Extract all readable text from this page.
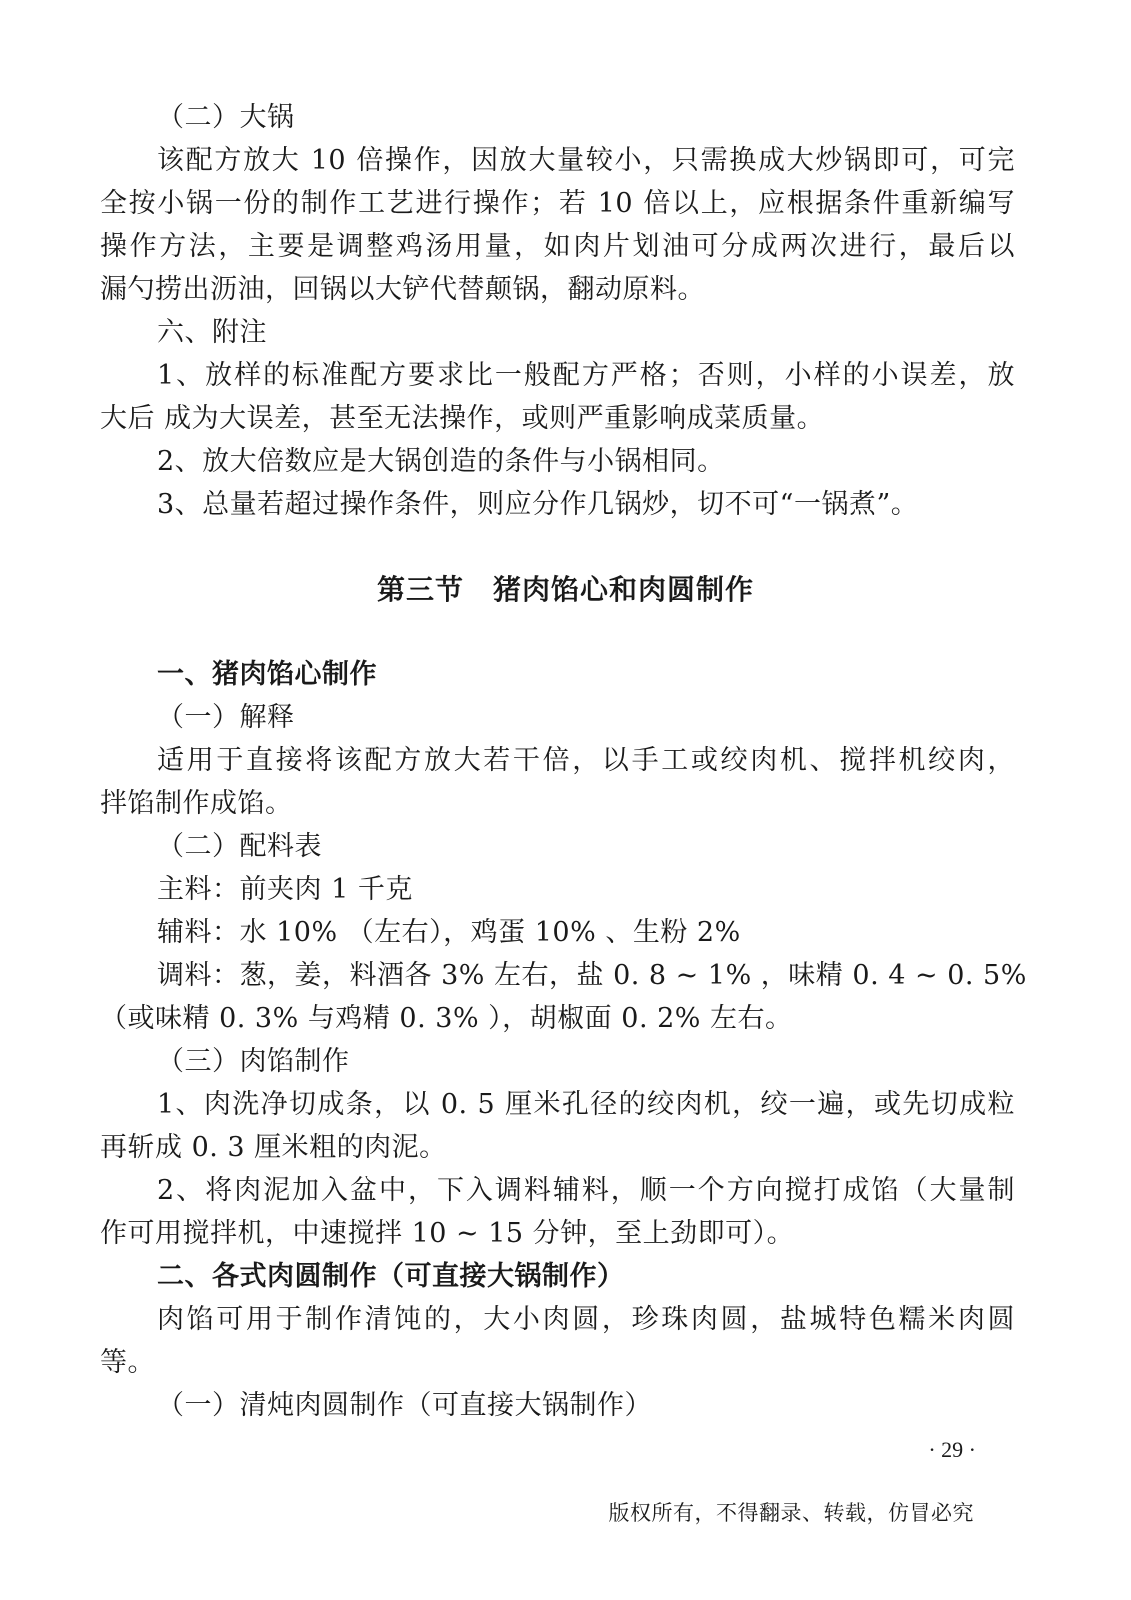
（二）大锅
该配方放大 10 倍操作，因放大量较小，只需换成大炒锅即可，可完
全按小锅一份的制作工艺进行操作；若 10 倍以上，应根据条件重新编写
操作方法，主要是调整鸡汤用量，如肉片划油可分成两次进行，最后以
漏勺捞出沥油，回锅以大铲代替颠锅，翻动原料。
六、附注
1、放样的标准配方要求比一般配方严格；否则，小样的小误差，放
大后 成为大误差，甚至无法操作，或则严重影响成菜质量。
2、放大倍数应是大锅创造的条件与小锅相同。
3、总量若超过操作条件，则应分作几锅炒，切不可“一锅煮”。
第三节　猪肉馅心和肉圆制作
一、猪肉馅心制作
（一）解释
适用于直接将该配方放大若干倍，以手工或绞肉机、搅拌机绞肉，
拌馅制作成馅。
（二）配料表
主料：前夹肉 1 千克
辅料：水 10% （左右），鸡蛋 10% 、生粉 2%
调料：葱，姜，料酒各 3% 左右，盐 0. 8 ~ 1% ，味精 0. 4 ~ 0. 5%
（或味精 0. 3% 与鸡精 0. 3% ），胡椒面 0. 2% 左右。
（三）肉馅制作
1、肉洗净切成条，以 0. 5 厘米孔径的绞肉机，绞一遍，或先切成粒
再斩成 0. 3 厘米粗的肉泥。
2、将肉泥加入盆中，下入调料辅料，顺一个方向搅打成馅（大量制
作可用搅拌机，中速搅拌 10 ~ 15 分钟，至上劲即可）。
二、各式肉圆制作（可直接大锅制作）
肉馅可用于制作清饨的，大小肉圆，珍珠肉圆，盐城特色糯米肉圆
等。
（一）清炖肉圆制作（可直接大锅制作）
· 29 ·
版权所有，不得翻录、转载，仿冒必究
